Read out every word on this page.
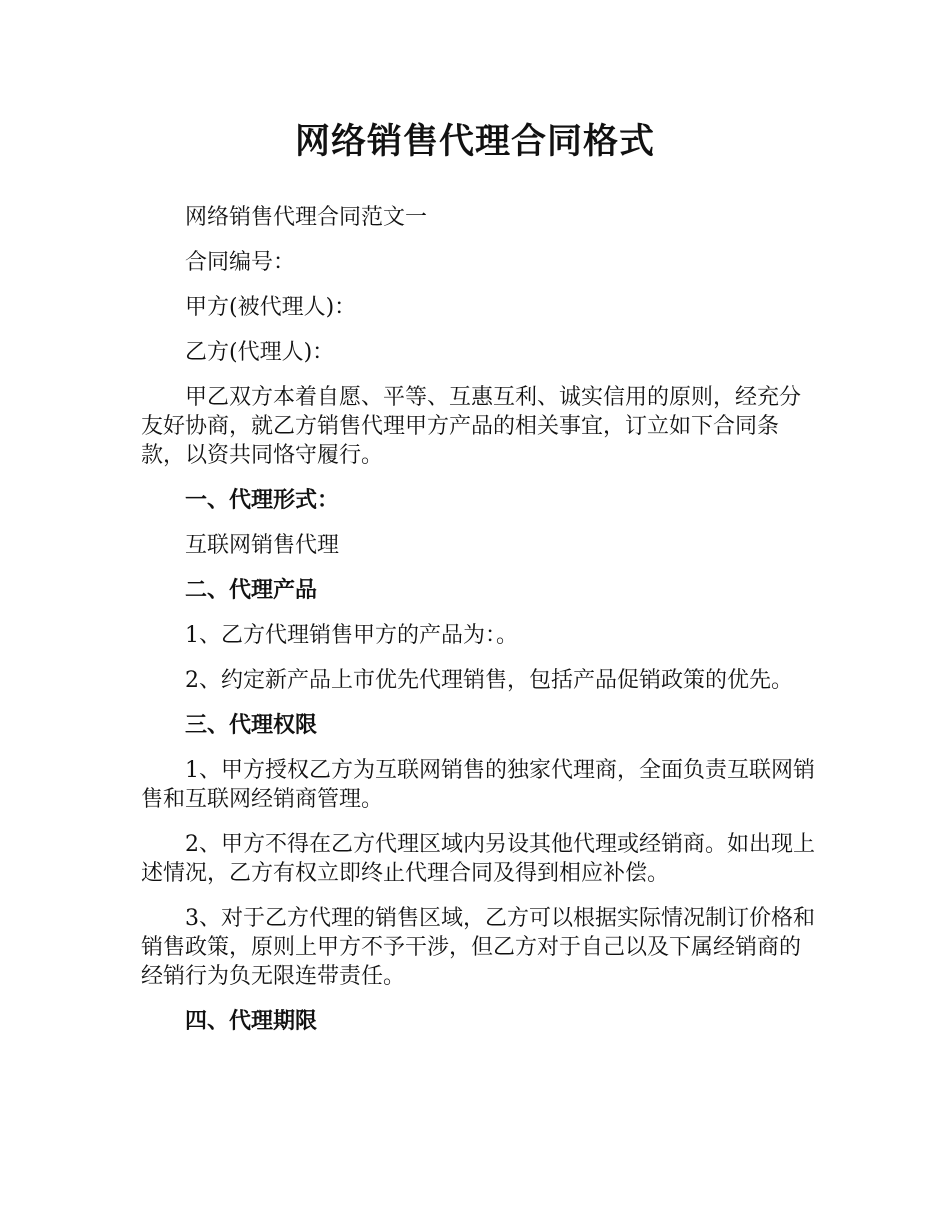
网络销售代理合同格式

网络销售代理合同范文一

合同编号：

甲方(被代理人)：

乙方(代理人)：

甲乙双方本着自愿、平等、互惠互利、诚实信用的原则，经充分友好协商，就乙方销售代理甲方产品的相关事宜，订立如下合同条款，以资共同恪守履行。

一、代理形式：

互联网销售代理

二、代理产品

1、乙方代理销售甲方的产品为：。

2、约定新产品上市优先代理销售，包括产品促销政策的优先。

三、代理权限

1、甲方授权乙方为互联网销售的独家代理商，全面负责互联网销售和互联网经销商管理。

2、甲方不得在乙方代理区域内另设其他代理或经销商。如出现上述情况，乙方有权立即终止代理合同及得到相应补偿。

3、对于乙方代理的销售区域，乙方可以根据实际情况制订价格和销售政策，原则上甲方不予干涉，但乙方对于自己以及下属经销商的经销行为负无限连带责任。

四、代理期限
